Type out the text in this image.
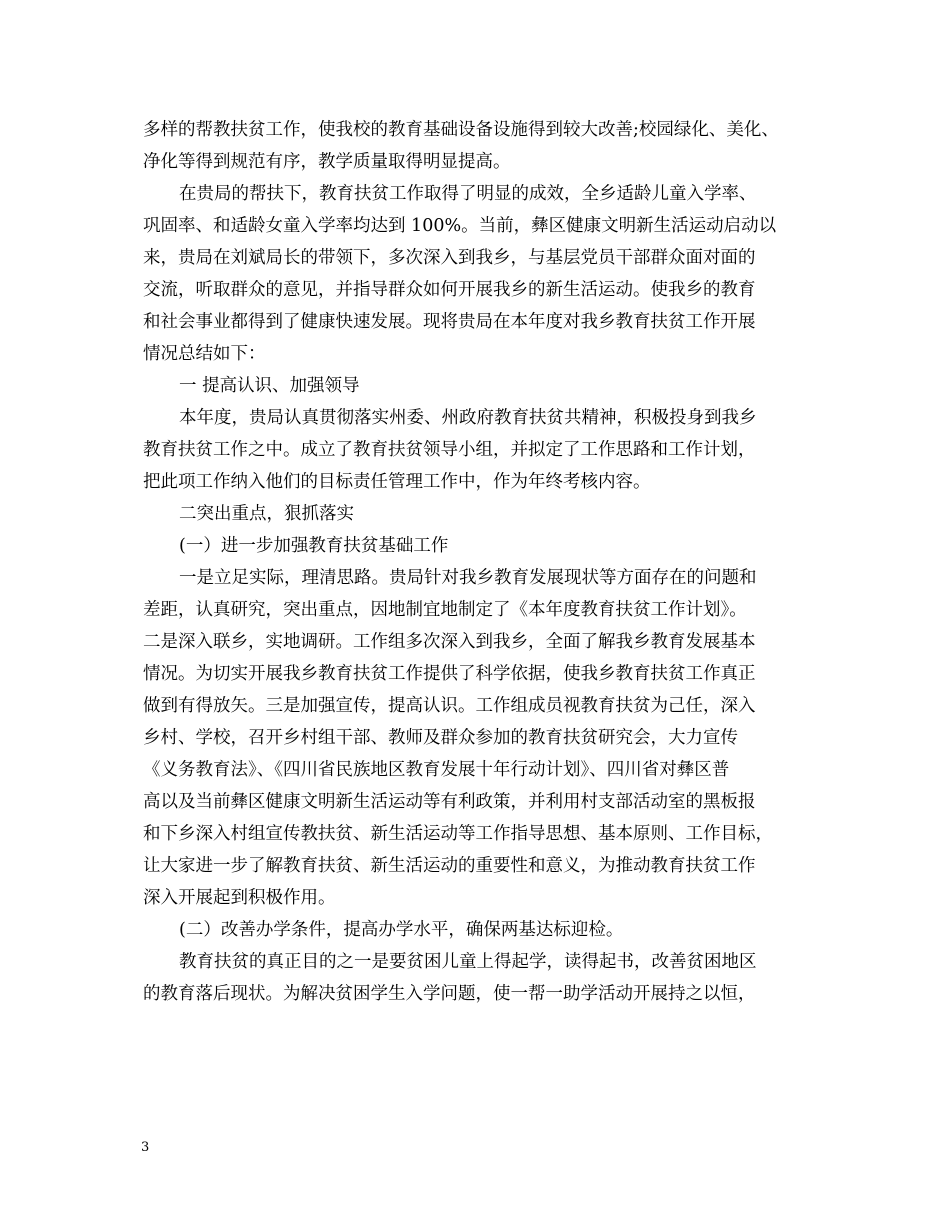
多样的帮教扶贫工作，使我校的教育基础设备设施得到较大改善;校园绿化、美化、
净化等得到规范有序，教学质量取得明显提高。
在贵局的帮扶下，教育扶贫工作取得了明显的成效，全乡适龄儿童入学率、
巩固率、和适龄女童入学率均达到 100%。当前，彝区健康文明新生活运动启动以
来，贵局在刘斌局长的带领下，多次深入到我乡，与基层党员干部群众面对面的
交流，听取群众的意见，并指导群众如何开展我乡的新生活运动。使我乡的教育
和社会事业都得到了健康快速发展。现将贵局在本年度对我乡教育扶贫工作开展
情况总结如下：
一 提高认识、加强领导
本年度，贵局认真贯彻落实州委、州政府教育扶贫共精神，积极投身到我乡
教育扶贫工作之中。成立了教育扶贫领导小组，并拟定了工作思路和工作计划，
把此项工作纳入他们的目标责任管理工作中，作为年终考核内容。
二突出重点，狠抓落实
(一）进一步加强教育扶贫基础工作
一是立足实际，理清思路。贵局针对我乡教育发展现状等方面存在的问题和
差距，认真研究，突出重点，因地制宜地制定了《本年度教育扶贫工作计划》。
二是深入联乡，实地调研。工作组多次深入到我乡，全面了解我乡教育发展基本
情况。为切实开展我乡教育扶贫工作提供了科学依据，使我乡教育扶贫工作真正
做到有得放矢。三是加强宣传，提高认识。工作组成员视教育扶贫为己任，深入
乡村、学校，召开乡村组干部、教师及群众参加的教育扶贫研究会，大力宣传
《义务教育法》、《四川省民族地区教育发展十年行动计划》、四川省对彝区普
高以及当前彝区健康文明新生活运动等有利政策，并利用村支部活动室的黑板报
和下乡深入村组宣传教扶贫、新生活运动等工作指导思想、基本原则、工作目标，
让大家进一步了解教育扶贫、新生活运动的重要性和意义，为推动教育扶贫工作
深入开展起到积极作用。
(二）改善办学条件，提高办学水平，确保两基达标迎检。
教育扶贫的真正目的之一是要贫困儿童上得起学，读得起书，改善贫困地区
的教育落后现状。为解决贫困学生入学问题，使一帮一助学活动开展持之以恒，
3
